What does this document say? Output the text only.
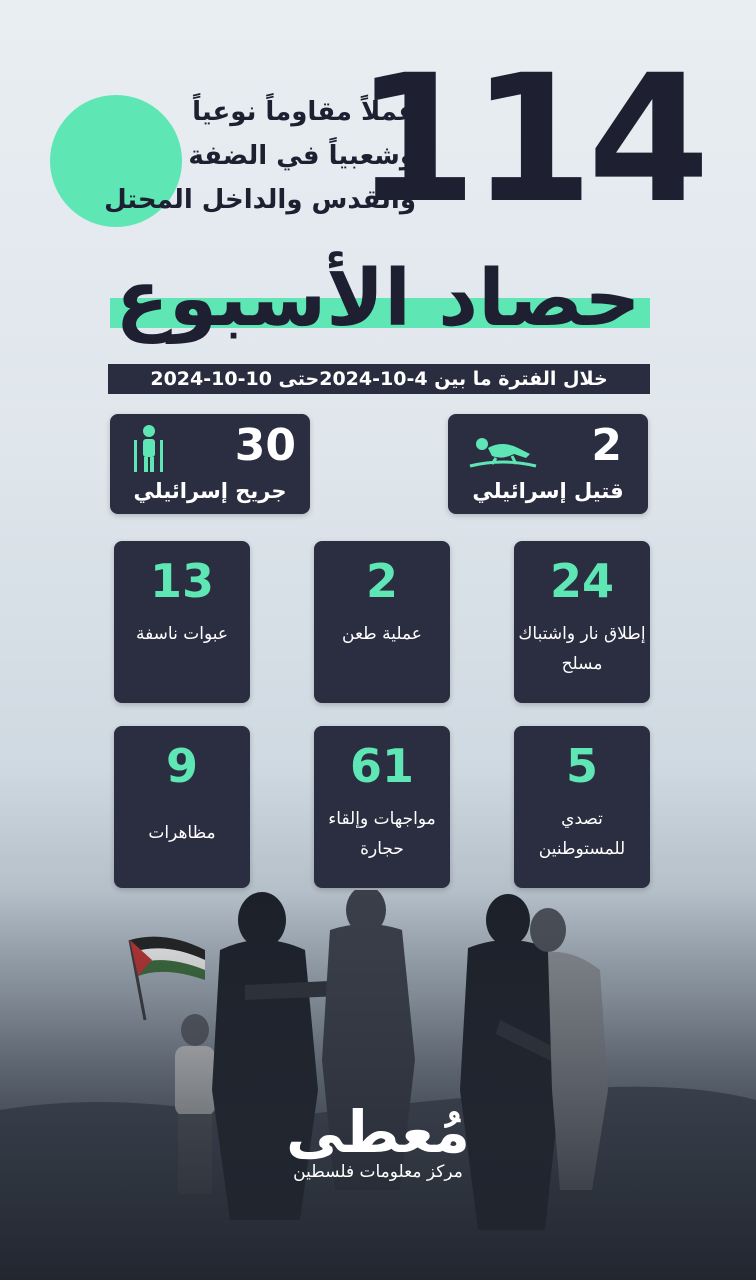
114
عملاً مقاوماً نوعياً
وشعبياً في الضفة
والقدس والداخل المحتل
حصاد الأسبوع
خلال الفترة ما بين 4-10-2024حتى 10-10-2024
2
قتيل إسرائيلي
30
جريح إسرائيلي
24
إطلاق نار واشتباك مسلح
2
عملية طعن
13
عبوات ناسفة
5
تصدي للمستوطنين
61
مواجهات وإلقاء حجارة
9
مظاهرات
مُعطى
مركز معلومات فلسطين
